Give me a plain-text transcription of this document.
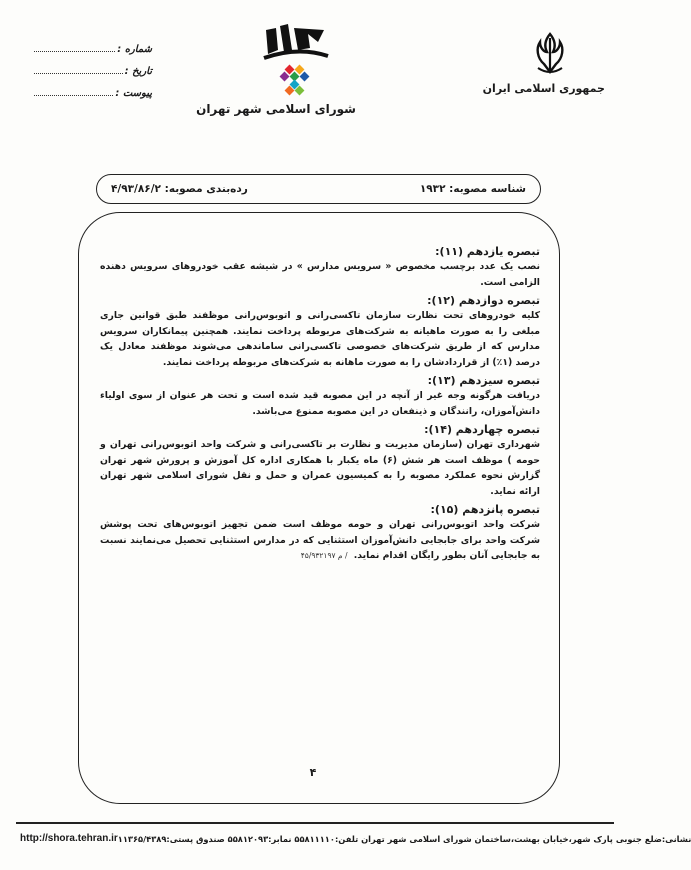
جمهوری اسلامی ایران
شورای اسلامی شهر تهران
شماره :
تاریخ :
پیوست :
شناسه مصوبه: ۱۹۳۲
رده‌بندی مصوبه: ۴/۹۳/۸۶/۲
تبصره یازدهم (۱۱):
نصب یک عدد برچسب مخصوص « سرویس مدارس » در شیشه عقب خودروهای سرویس دهنده الزامی است.
تبصره دوازدهم (۱۲):
کلیه خودروهای تحت نظارت سازمان تاکسی‌رانی و اتوبوس‌رانی موظفند طبق قوانین جاری مبلغی را به صورت ماهیانه به شرکت‌های مربوطه پرداخت نمایند. همچنین پیمانکاران سرویس مدارس که از طریق شرکت‌های خصوصی تاکسی‌رانی ساماندهی می‌شوند موظفند معادل یک درصد (۱٪) از قراردادشان را به صورت ماهانه به شرکت‌های مربوطه پرداخت نمایند.
تبصره سیزدهم (۱۳):
دریافت هرگونه وجه غیر از آنچه در این مصوبه قید شده است و تحت هر عنوان از سوی اولیاء دانش‌آموزان، رانندگان و ذینفعان در این مصوبه ممنوع می‌باشد.
تبصره چهاردهم (۱۴):
شهرداری تهران (سازمان مدیریت و نظارت بر تاکسی‌رانی و شرکت واحد اتوبوس‌رانی تهران و حومه ) موظف است هر شش (۶) ماه یکبار با همکاری اداره کل آموزش و پرورش شهر تهران گزارش نحوه عملکرد مصوبه را به کمیسیون عمران و حمل و نقل شورای اسلامی شهر تهران ارائه نماید.
تبصره پانزدهم (۱۵):
شرکت واحد اتوبوس‌رانی تهران و حومه موظف است ضمن تجهیز اتوبوس‌های تحت پوشش شرکت واحد برای جابجایی دانش‌آموزان استثنایی که در مدارس استثنایی تحصیل می‌نمایند نسبت به جابجایی آنان بطور رایگان اقدام نماید. / م ۴۵/۹۳۲۱۹۷
۴
http://shora.tehran.ir نشانی:ضلع جنوبی پارک شهر،خیابان بهشت،ساختمان شورای اسلامی شهر تهران تلفن:۵۵۸۱۱۱۱۰ نمابر:۵۵۸۱۲۰۹۳ صندوق پستی:۱۱۳۶۵/۴۳۸۹
